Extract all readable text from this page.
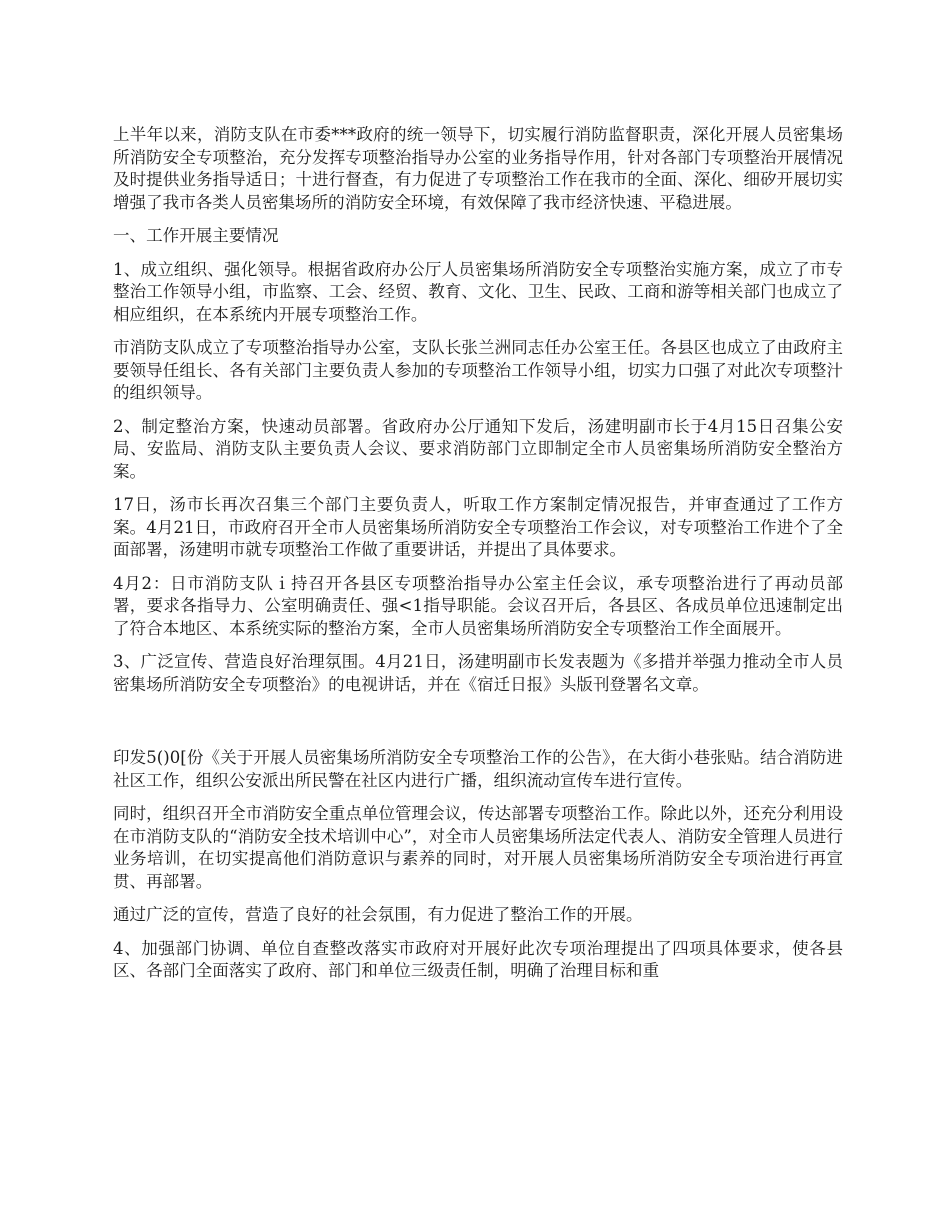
上半年以来，消防支队在市委***政府的统一领导下，切实履行消防监督职责，深化开展人员密集场所消防安全专项整治，充分发挥专项整治指导办公室的业务指导作用，针对各部门专项整治开展情况及时提供业务指导适日；十进行督查，有力促进了专项整治工作在我市的全面、深化、细矽开展切实增强了我市各类人员密集场所的消防安全环境，有效保障了我市经济快速、平稳进展。

一、工作开展主要情况

1、成立组织、强化领导。根据省政府办公厅人员密集场所消防安全专项整治实施方案，成立了市专整治工作领导小组，市监察、工会、经贸、教育、文化、卫生、民政、工商和游等相关部门也成立了相应组织，在本系统内开展专项整治工作。

市消防支队成立了专项整治指导办公室，支队长张兰洲同志任办公室王任。各县区也成立了由政府主要领导任组长、各有关部门主要负责人参加的专项整治工作领导小组，切实力口强了对此次专项整汁的组织领导。

2、制定整治方案，快速动员部署。省政府办公厅通知下发后，汤建明副市长于4月15日召集公安局、安监局、消防支队主要负责人会议、要求消防部门立即制定全市人员密集场所消防安全整治方案。

17日，汤市长再次召集三个部门主要负责人，听取工作方案制定情况报告，并审查通过了工作方案。4月21日，市政府召开全市人员密集场所消防安全专项整治工作会议，对专项整治工作进个了全面部署，汤建明市就专项整治工作做了重要讲话，并提出了具体要求。

4月2：日市消防支队ｉ持召开各县区专项整治指导办公室主任会议，承专项整治进行了再动员部署，要求各指导力、公室明确责任、强<1指导职能。会议召开后，各县区、各成员单位迅速制定出了符合本地区、本系统实际的整治方案，全市人员密集场所消防安全专项整治工作全面展开。

3、广泛宣传、营造良好治理氛围。4月21日，汤建明副市长发表题为《多措并举强力推动全市人员密集场所消防安全专项整治》的电视讲话，并在《宿迁日报》头版刊登署名文章。

印发5()0[份《关于开展人员密集场所消防安全专项整治工作的公告》，在大街小巷张贴。结合消防进社区工作，组织公安派出所民警在社区内进行广播，组织流动宣传车进行宣传。

同时，组织召开全市消防安全重点单位管理会议，传达部署专项整治工作。除此以外，还充分利用设在市消防支队的“消防安全技术培训中心”，对全市人员密集场所法定代表人、消防安全管理人员进行业务培训，在切实提高他们消防意识与素养的同时，对开展人员密集场所消防安全专项治进行再宣贯、再部署。

通过广泛的宣传，营造了良好的社会氛围，有力促进了整治工作的开展。

4、加强部门协调、单位自查整改落实市政府对开展好此次专项治理提出了四项具体要求，使各县区、各部门全面落实了政府、部门和单位三级责任制，明确了治理目标和重
